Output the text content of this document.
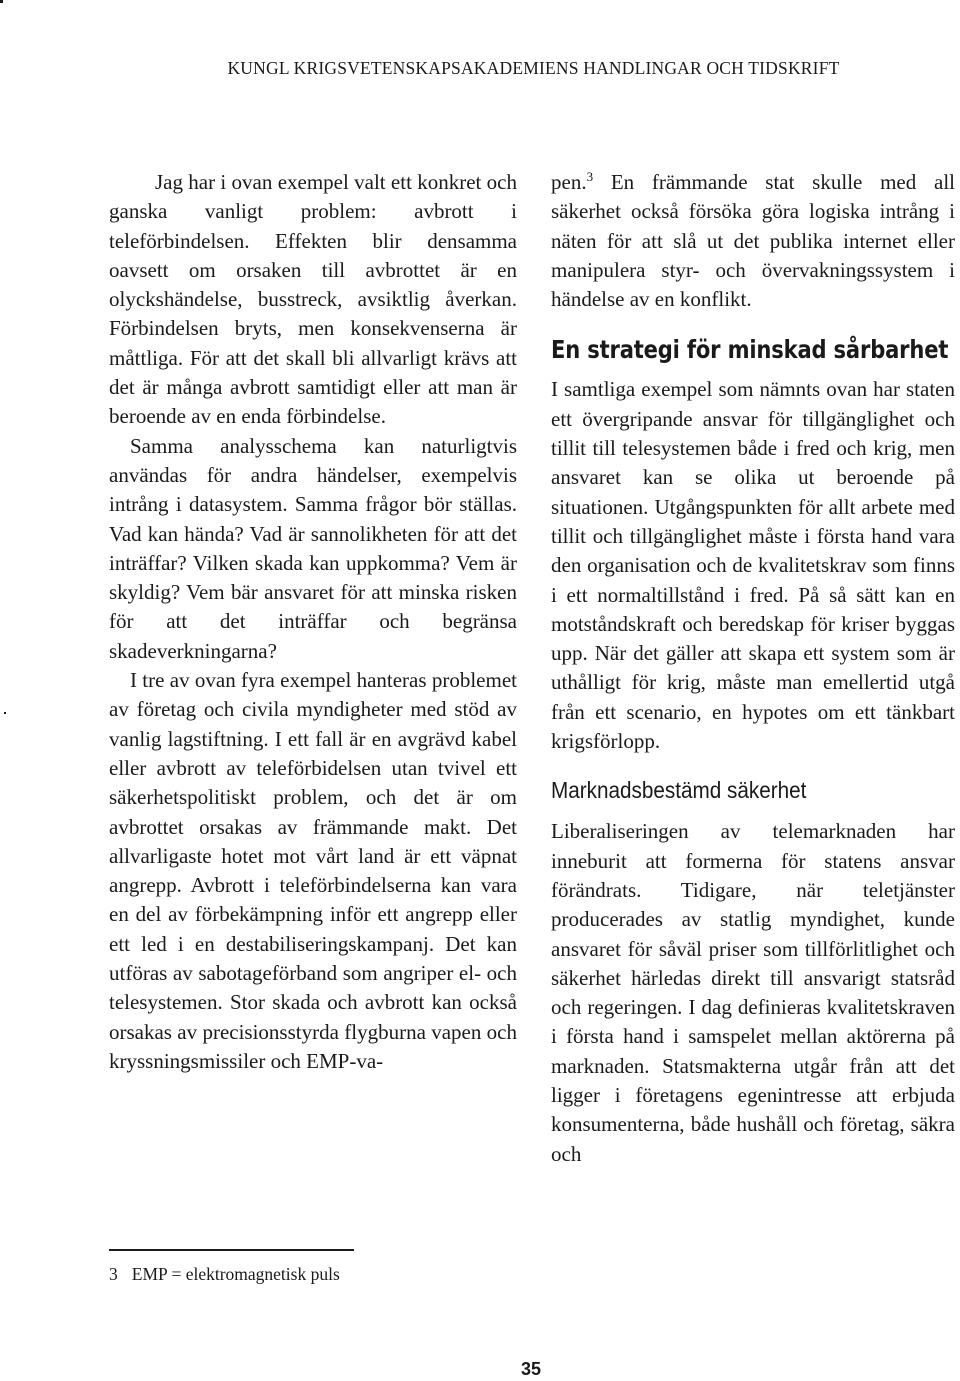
KUNGL KRIGSVETENSKAPSAKADEMIENS HANDLINGAR OCH TIDSKRIFT

Jag har i ovan exempel valt ett konkret och ganska vanligt problem: avbrott i teleförbindelsen. Effekten blir densamma oavsett om orsaken till avbrottet är en olyckshändelse, busstreck, avsiktlig åverkan. Förbindelsen bryts, men konsekvenserna är måttliga. För att det skall bli allvarligt krävs att det är många avbrott samtidigt eller att man är beroende av en enda förbindelse.

Samma analysschema kan naturligtvis användas för andra händelser, exempelvis intrång i datasystem. Samma frågor bör ställas. Vad kan hända? Vad är sannolikheten för att det inträffar? Vilken skada kan uppkomma? Vem är skyldig? Vem bär ansvaret för att minska risken för att det inträffar och begränsa skadeverkningarna?

I tre av ovan fyra exempel hanteras problemet av företag och civila myndigheter med stöd av vanlig lagstiftning. I ett fall är en avgrävd kabel eller avbrott av teleförbidelsen utan tvivel ett säkerhetspolitiskt problem, och det är om avbrottet orsakas av främmande makt. Det allvarligaste hotet mot vårt land är ett väpnat angrepp. Avbrott i teleförbindelserna kan vara en del av förbekämpning inför ett angrepp eller ett led i en destabiliseringskampanj. Det kan utföras av sabotageförband som angriper el- och telesystemen. Stor skada och avbrott kan också orsakas av precisionsstyrda flygburna vapen och kryssningsmissiler och EMP-va-

pen.$^3$ En främmande stat skulle med all säkerhet också försöka göra logiska intrång i näten för att slå ut det publika internet eller manipulera styr- och övervakningssystem i händelse av en konflikt.

En strategi för minskad sårbarhet

I samtliga exempel som nämnts ovan har staten ett övergripande ansvar för tillgänglighet och tillit till telesystemen både i fred och krig, men ansvaret kan se olika ut beroende på situationen. Utgångspunkten för allt arbete med tillit och tillgänglighet måste i första hand vara den organisation och de kvalitetskrav som finns i ett normaltillstånd i fred. På så sätt kan en motståndskraft och beredskap för kriser byggas upp. När det gäller att skapa ett system som är uthålligt för krig, måste man emellertid utgå från ett scenario, en hypotes om ett tänkbart krigsförlopp.

Marknadsbestämd säkerhet

Liberaliseringen av telemarknaden har inneburit att formerna för statens ansvar förändrats. Tidigare, när teletjänster producerades av statlig myndighet, kunde ansvaret för såväl priser som tillförlitlighet och säkerhet härledas direkt till ansvarigt statsråd och regeringen. I dag definieras kvalitetskraven i första hand i samspelet mellan aktörerna på marknaden. Statsmakterna utgår från att det ligger i företagens egenintresse att erbjuda konsumenterna, både hushåll och företag, säkra och

3 EMP = elektromagnetisk puls
35
